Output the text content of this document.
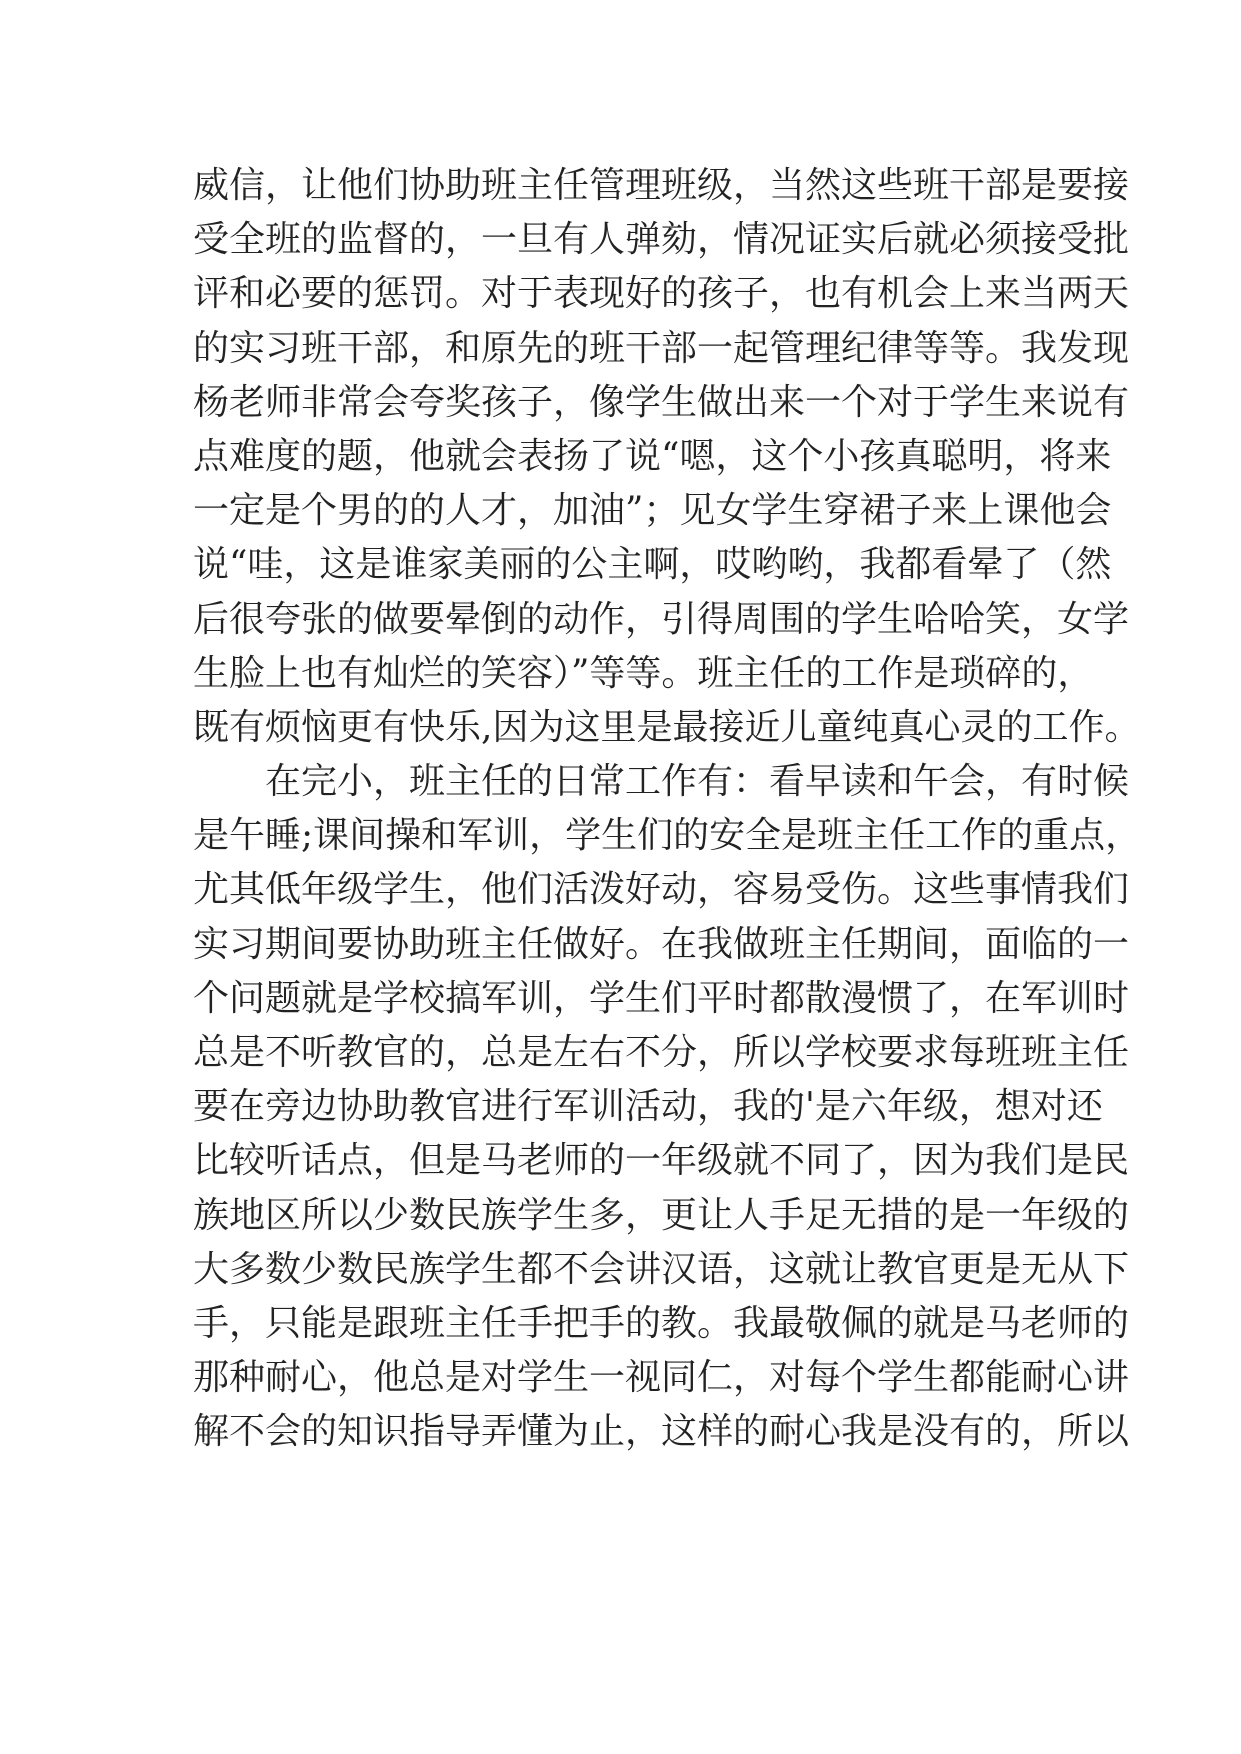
威信，让他们协助班主任管理班级，当然这些班干部是要接
受全班的监督的，一旦有人弹劾，情况证实后就必须接受批
评和必要的惩罚。对于表现好的孩子，也有机会上来当两天
的实习班干部，和原先的班干部一起管理纪律等等。我发现
杨老师非常会夸奖孩子，像学生做出来一个对于学生来说有
点难度的题，他就会表扬了说“嗯，这个小孩真聪明，将来
一定是个男的的人才，加油”；见女学生穿裙子来上课他会
说“哇，这是谁家美丽的公主啊，哎哟哟，我都看晕了（然
后很夸张的做要晕倒的动作，引得周围的学生哈哈笑，女学
生脸上也有灿烂的笑容）”等等。班主任的工作是琐碎的，
既有烦恼更有快乐,因为这里是最接近儿童纯真心灵的工作。
在完小，班主任的日常工作有：看早读和午会，有时候
是午睡;课间操和军训，学生们的安全是班主任工作的重点，
尤其低年级学生，他们活泼好动，容易受伤。这些事情我们
实习期间要协助班主任做好。在我做班主任期间，面临的一
个问题就是学校搞军训，学生们平时都散漫惯了，在军训时
总是不听教官的，总是左右不分，所以学校要求每班班主任
要在旁边协助教官进行军训活动，我的'是六年级，想对还
比较听话点，但是马老师的一年级就不同了，因为我们是民
族地区所以少数民族学生多，更让人手足无措的是一年级的
大多数少数民族学生都不会讲汉语，这就让教官更是无从下
手，只能是跟班主任手把手的教。我最敬佩的就是马老师的
那种耐心，他总是对学生一视同仁，对每个学生都能耐心讲
解不会的知识指导弄懂为止，这样的耐心我是没有的，所以
